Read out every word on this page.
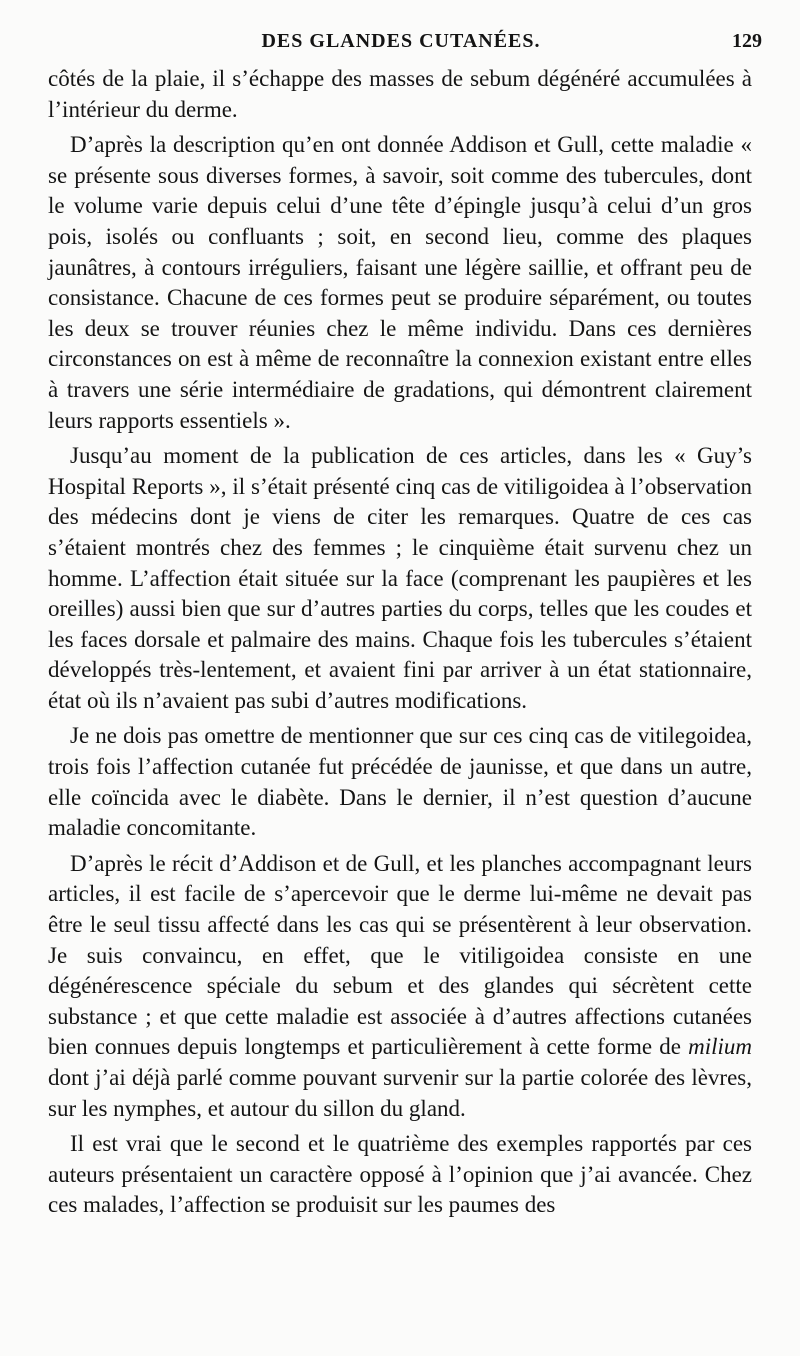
DES GLANDES CUTANÉES.	129

côtés de la plaie, il s’échappe des masses de sebum dégénéré accumulées à l’intérieur du derme.

D’après la description qu’en ont donnée Addison et Gull, cette maladie « se présente sous diverses formes, à savoir, soit comme des tubercules, dont le volume varie depuis celui d’une tête d’épingle jusqu’à celui d’un gros pois, isolés ou confluants ; soit, en second lieu, comme des plaques jaunâtres, à contours irréguliers, faisant une légère saillie, et offrant peu de consistance. Chacune de ces formes peut se produire séparément, ou toutes les deux se trouver réunies chez le même individu. Dans ces dernières circonstances on est à même de reconnaître la connexion existant entre elles à travers une série intermédiaire de gradations, qui démontrent clairement leurs rapports essentiels ».

Jusqu’au moment de la publication de ces articles, dans les « Guy’s Hospital Reports », il s’était présenté cinq cas de vitiligoidea à l’observation des médecins dont je viens de citer les remarques. Quatre de ces cas s’étaient montrés chez des femmes ; le cinquième était survenu chez un homme. L’affection était située sur la face (comprenant les paupières et les oreilles) aussi bien que sur d’autres parties du corps, telles que les coudes et les faces dorsale et palmaire des mains. Chaque fois les tubercules s’étaient développés très-lentement, et avaient fini par arriver à un état stationnaire, état où ils n’avaient pas subi d’autres modifications.

Je ne dois pas omettre de mentionner que sur ces cinq cas de vitilegoidea, trois fois l’affection cutanée fut précédée de jaunisse, et que dans un autre, elle coïncida avec le diabète. Dans le dernier, il n’est question d’aucune maladie concomitante.

D’après le récit d’Addison et de Gull, et les planches accompagnant leurs articles, il est facile de s’apercevoir que le derme lui-même ne devait pas être le seul tissu affecté dans les cas qui se présentèrent à leur observation. Je suis convaincu, en effet, que le vitiligoidea consiste en une dégénérescence spéciale du sebum et des glandes qui sécrètent cette substance ; et que cette maladie est associée à d’autres affections cutanées bien connues depuis longtemps et particulièrement à cette forme de milium dont j’ai déjà parlé comme pouvant survenir sur la partie colorée des lèvres, sur les nymphes, et autour du sillon du gland.

Il est vrai que le second et le quatrième des exemples rapportés par ces auteurs présentaient un caractère opposé à l’opinion que j’ai avancée. Chez ces malades, l’affection se produisit sur les paumes des
